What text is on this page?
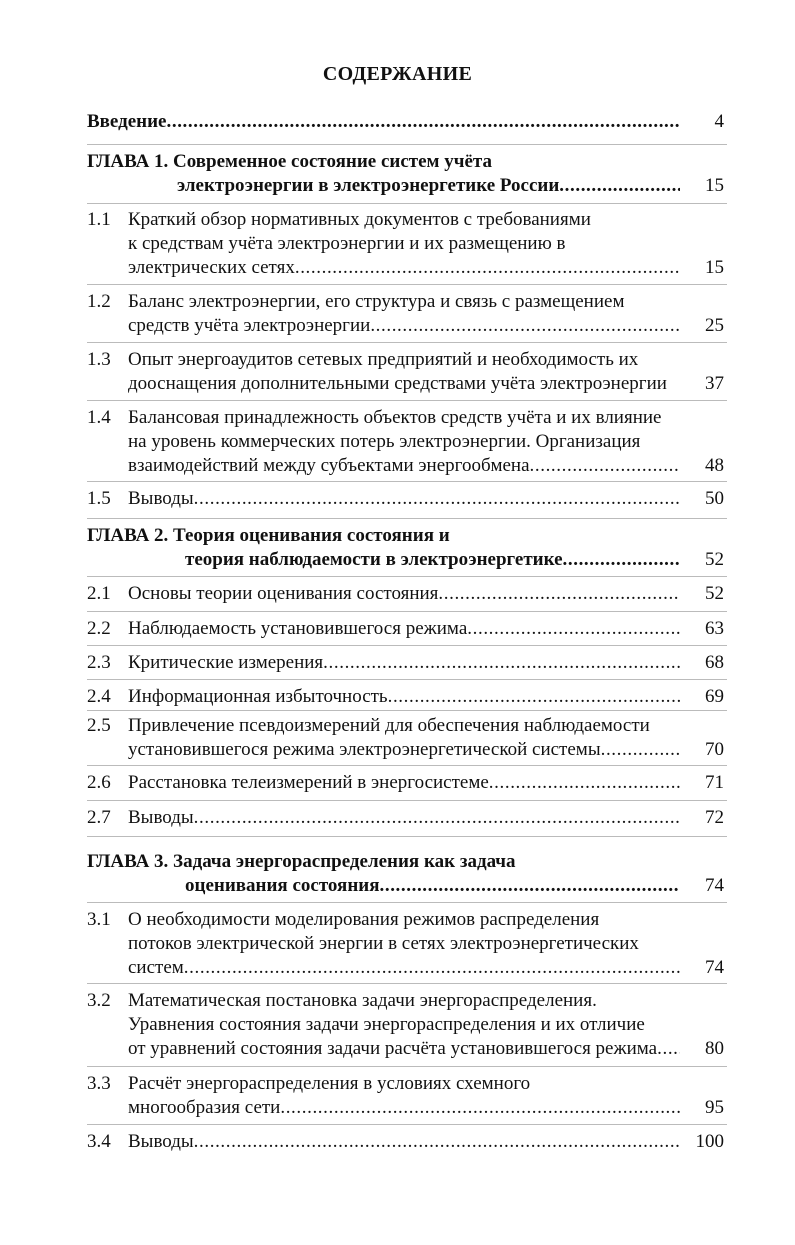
СОДЕРЖАНИЕ
Введение .....	4
ГЛАВА 1. Современное состояние систем учёта
электроэнергии в электроэнергетике России .....	15
1.1 Краткий обзор нормативных документов с требованиями
к средствам учёта электроэнергии и их размещению в
электрических сетях .....	15
1.2 Баланс электроэнергии, его структура и связь с размещением
средств учёта электроэнергии .....	25
1.3 Опыт энергоаудитов сетевых предприятий и необходимость их
дооснащения дополнительными средствами учёта электроэнергии 37
1.4 Балансовая принадлежность объектов средств учёта и их влияние
на уровень коммерческих потерь электроэнергии. Организация
взаимодействий между субъектами энергообмена .....	48
1.5 Выводы .....	50
ГЛАВА 2. Теория оценивания состояния и
теория наблюдаемости в электроэнергетике .....	52
2.1 Основы теории оценивания состояния .....	52
2.2 Наблюдаемость установившегося режима .....	63
2.3 Критические измерения .....	68
2.4 Информационная избыточность .....	69
2.5 Привлечение псевдоизмерений для обеспечения наблюдаемости
установившегося режима электроэнергетической системы .....	70
2.6 Расстановка телеизмерений в энергосистеме .....	71
2.7 Выводы .....	72
ГЛАВА 3. Задача энергораспределения как задача
оценивания состояния .....	74
3.1 О необходимости моделирования режимов распределения
потоков электрической энергии в сетях электроэнергетических
систем .....	74
3.2 Математическая постановка задачи энергораспределения.
Уравнения состояния задачи энергораспределения и их отличие
от уравнений состояния задачи расчёта установившегося режима .....	80
3.3 Расчёт энергораспределения в условиях схемного
многообразия сети .....	95
3.4 Выводы .....	100
